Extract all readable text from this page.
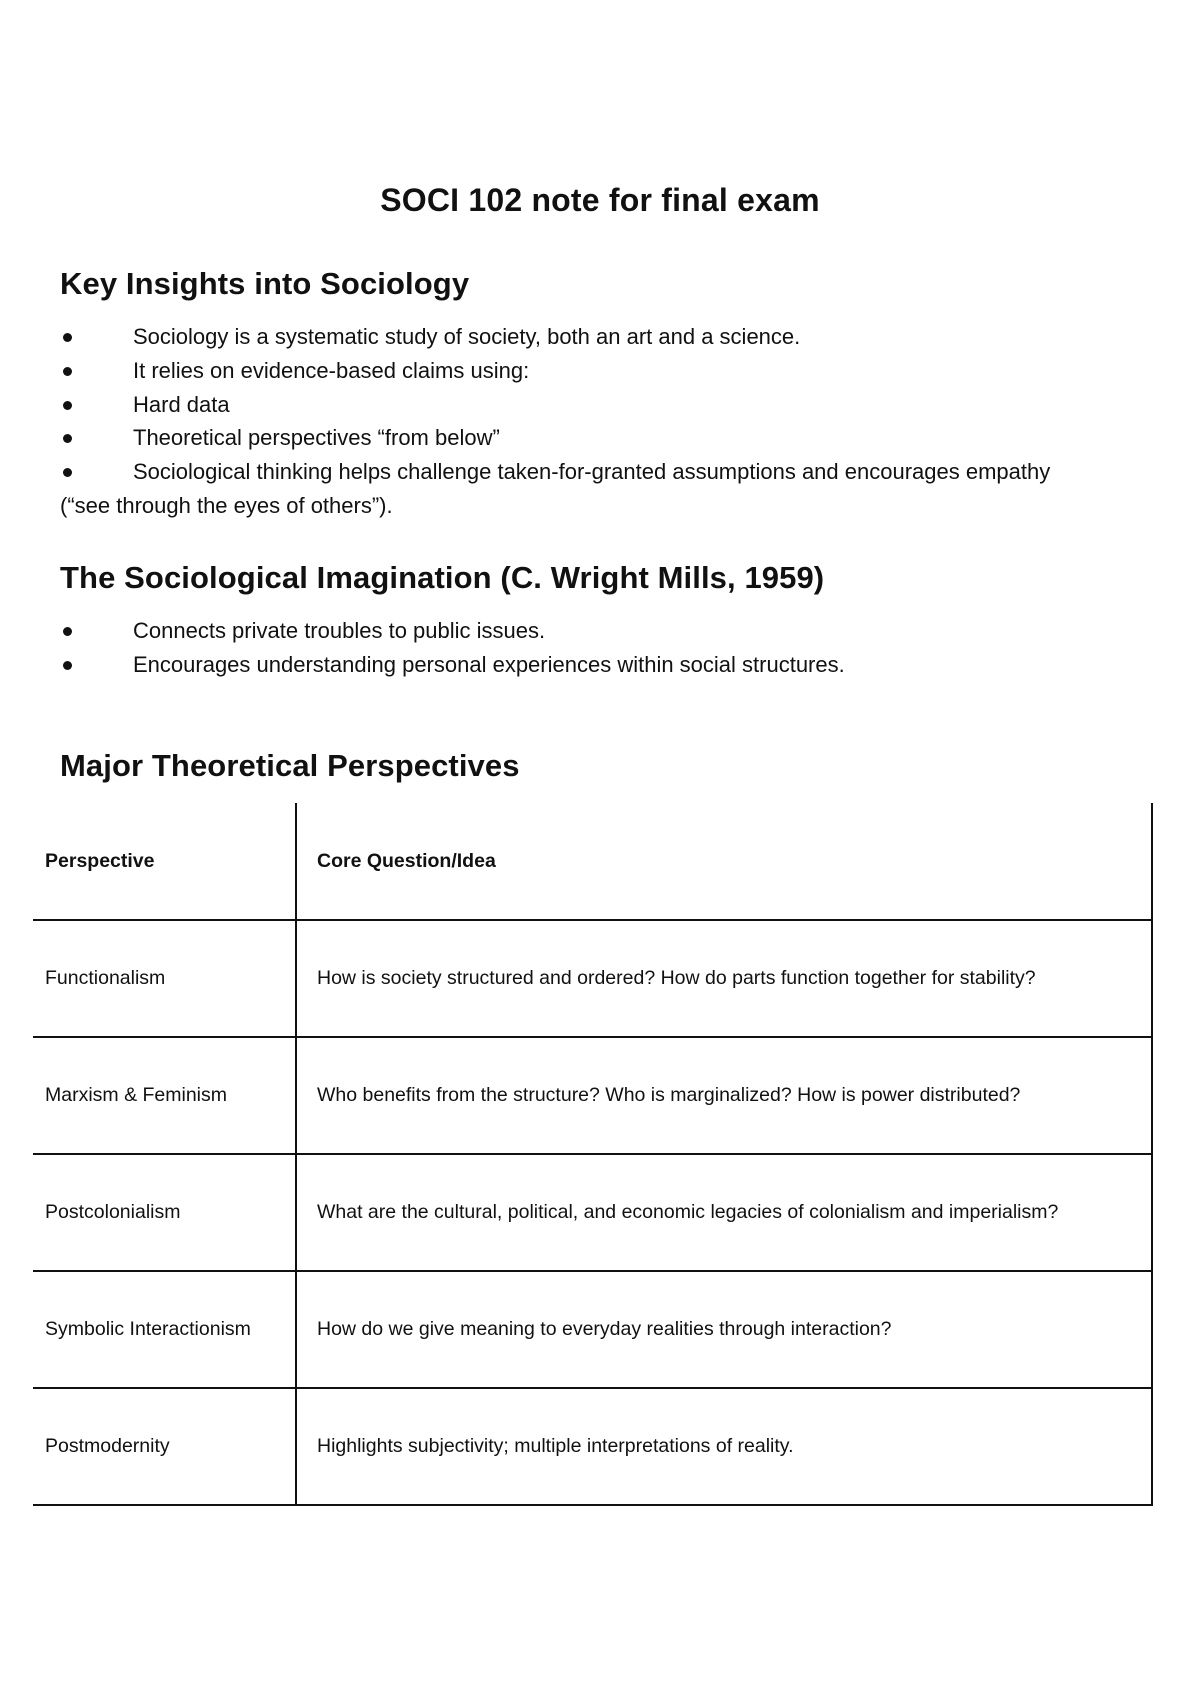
SOCI 102 note for final exam
Key Insights into Sociology
Sociology is a systematic study of society, both an art and a science.
It relies on evidence-based claims using:
Hard data
Theoretical perspectives “from below”
Sociological thinking helps challenge taken-for-granted assumptions and encourages empathy
(“see through the eyes of others”).
The Sociological Imagination (C. Wright Mills, 1959)
Connects private troubles to public issues.
Encourages understanding personal experiences within social structures.
Major Theoretical Perspectives
Perspective	Core Question/Idea
Functionalism	How is society structured and ordered? How do parts function together for stability?
Marxism & Feminism	Who benefits from the structure? Who is marginalized? How is power distributed?
Postcolonialism	What are the cultural, political, and economic legacies of colonialism and imperialism?
Symbolic Interactionism	How do we give meaning to everyday realities through interaction?
Postmodernity	Highlights subjectivity; multiple interpretations of reality.
